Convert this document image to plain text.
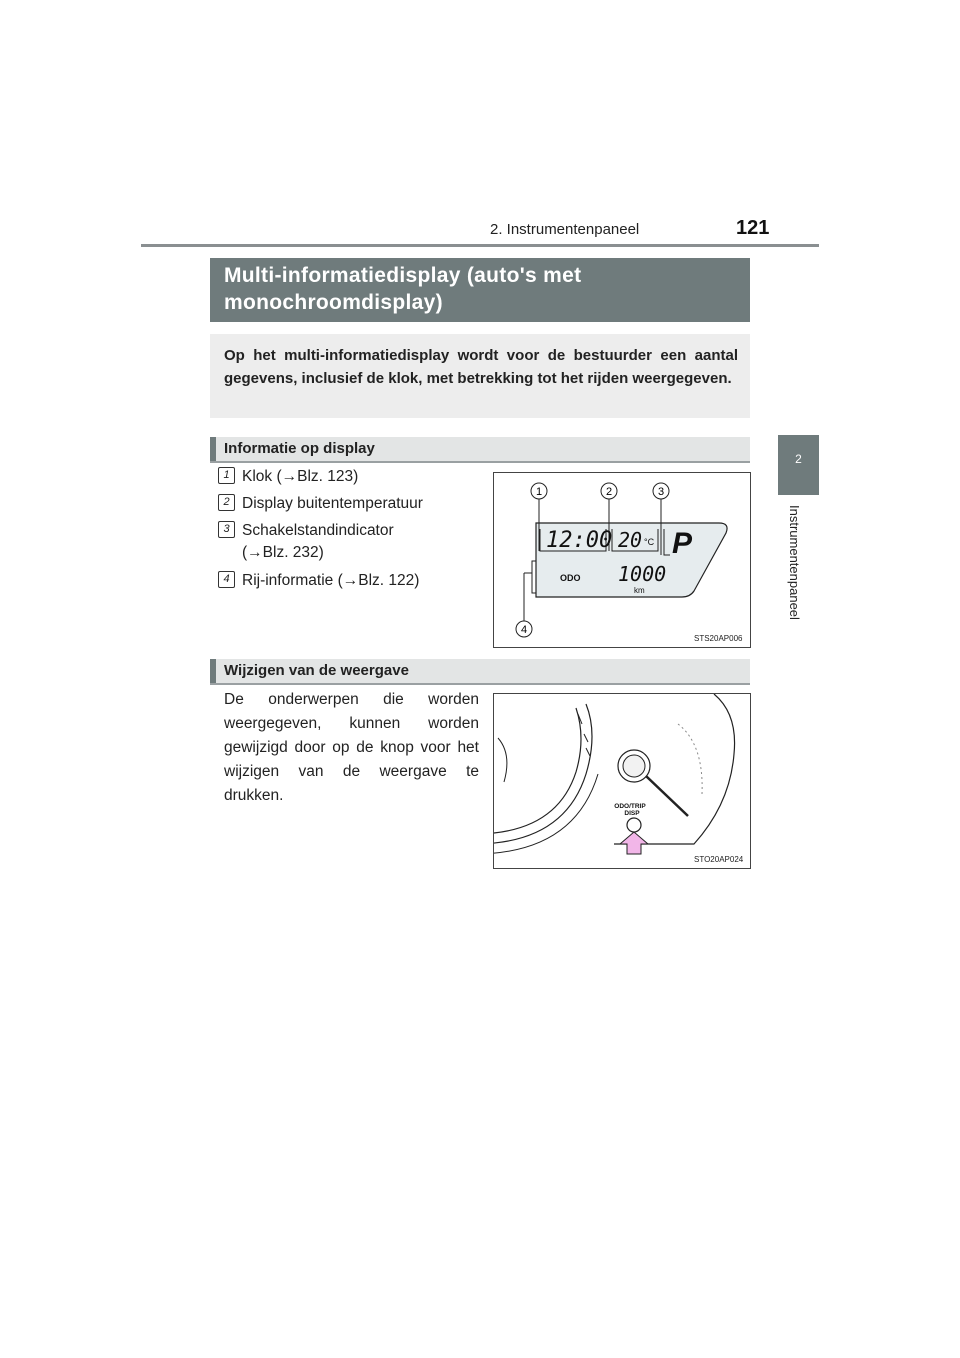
2. Instrumentenpaneel	121
2
Instrumentenpaneel
Multi-informatiedisplay (auto's met monochroomdisplay)
Op het multi-informatiedisplay wordt voor de bestuurder een aantal gegevens, inclusief de klok, met betrekking tot het rijden weergegeven.
Informatie op display
1 Klok (→Blz. 123)
2 Display buitentemperatuur
3 Schakelstandindicator
(→Blz. 232)
4 Rij-informatie (→Blz. 122)
1	2	3
4
12:00 20 °C P
ODO 1000
km
STS20AP006
Wijzigen van de weergave
De onderwerpen die worden weergegeven, kunnen worden gewijzigd door op de knop voor het wijzigen van de weergave te drukken.
ODO/TRIP
DISP
STO20AP024
